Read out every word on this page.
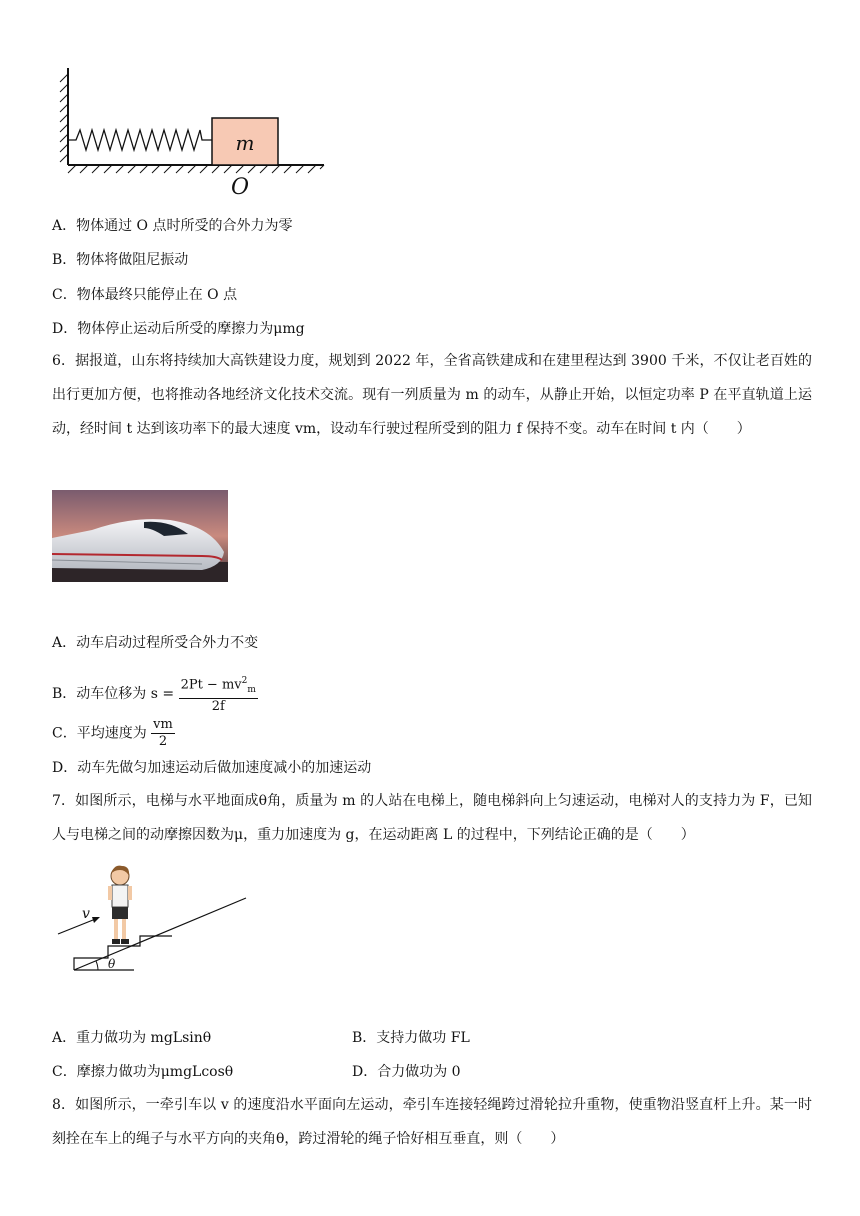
m
O
A．物体通过 O 点时所受的合外力为零
B．物体将做阻尼振动
C．物体最终只能停止在 O 点
D．物体停止运动后所受的摩擦力为μmg
6．据报道，山东将持续加大高铁建设力度，规划到 2022 年，全省高铁建成和在建里程达到 3900 千米，不仅让老百姓的出行更加方便，也将推动各地经济文化技术交流。现有一列质量为 m 的动车，从静止开始，以恒定功率 P 在平直轨道上运动，经时间 t 达到该功率下的最大速度 vm，设动车行驶过程所受到的阻力 f 保持不变。动车在时间 t 内（　　）
A．动车启动过程所受合外力不变
B．动车位移为 $s = \frac{2Pt - mv^2_m}{2f}$
C．平均速度为 $\frac{vm}{2}$
D．动车先做匀加速运动后做加速度减小的加速运动
7．如图所示，电梯与水平地面成θ角，质量为 m 的人站在电梯上，随电梯斜向上匀速运动，电梯对人的支持力为 F，已知人与电梯之间的动摩擦因数为μ，重力加速度为 g，在运动距离 L 的过程中，下列结论正确的是（　　）
θ
v
A．重力做功为 mgLsinθ	B．支持力做功 FL
C．摩擦力做功为μmgLcosθ	D．合力做功为 0
8．如图所示，一牵引车以 v 的速度沿水平面向左运动，牵引车连接轻绳跨过滑轮拉升重物，使重物沿竖直杆上升。某一时刻拴在车上的绳子与水平方向的夹角θ，跨过滑轮的绳子恰好相互垂直，则（　　）
